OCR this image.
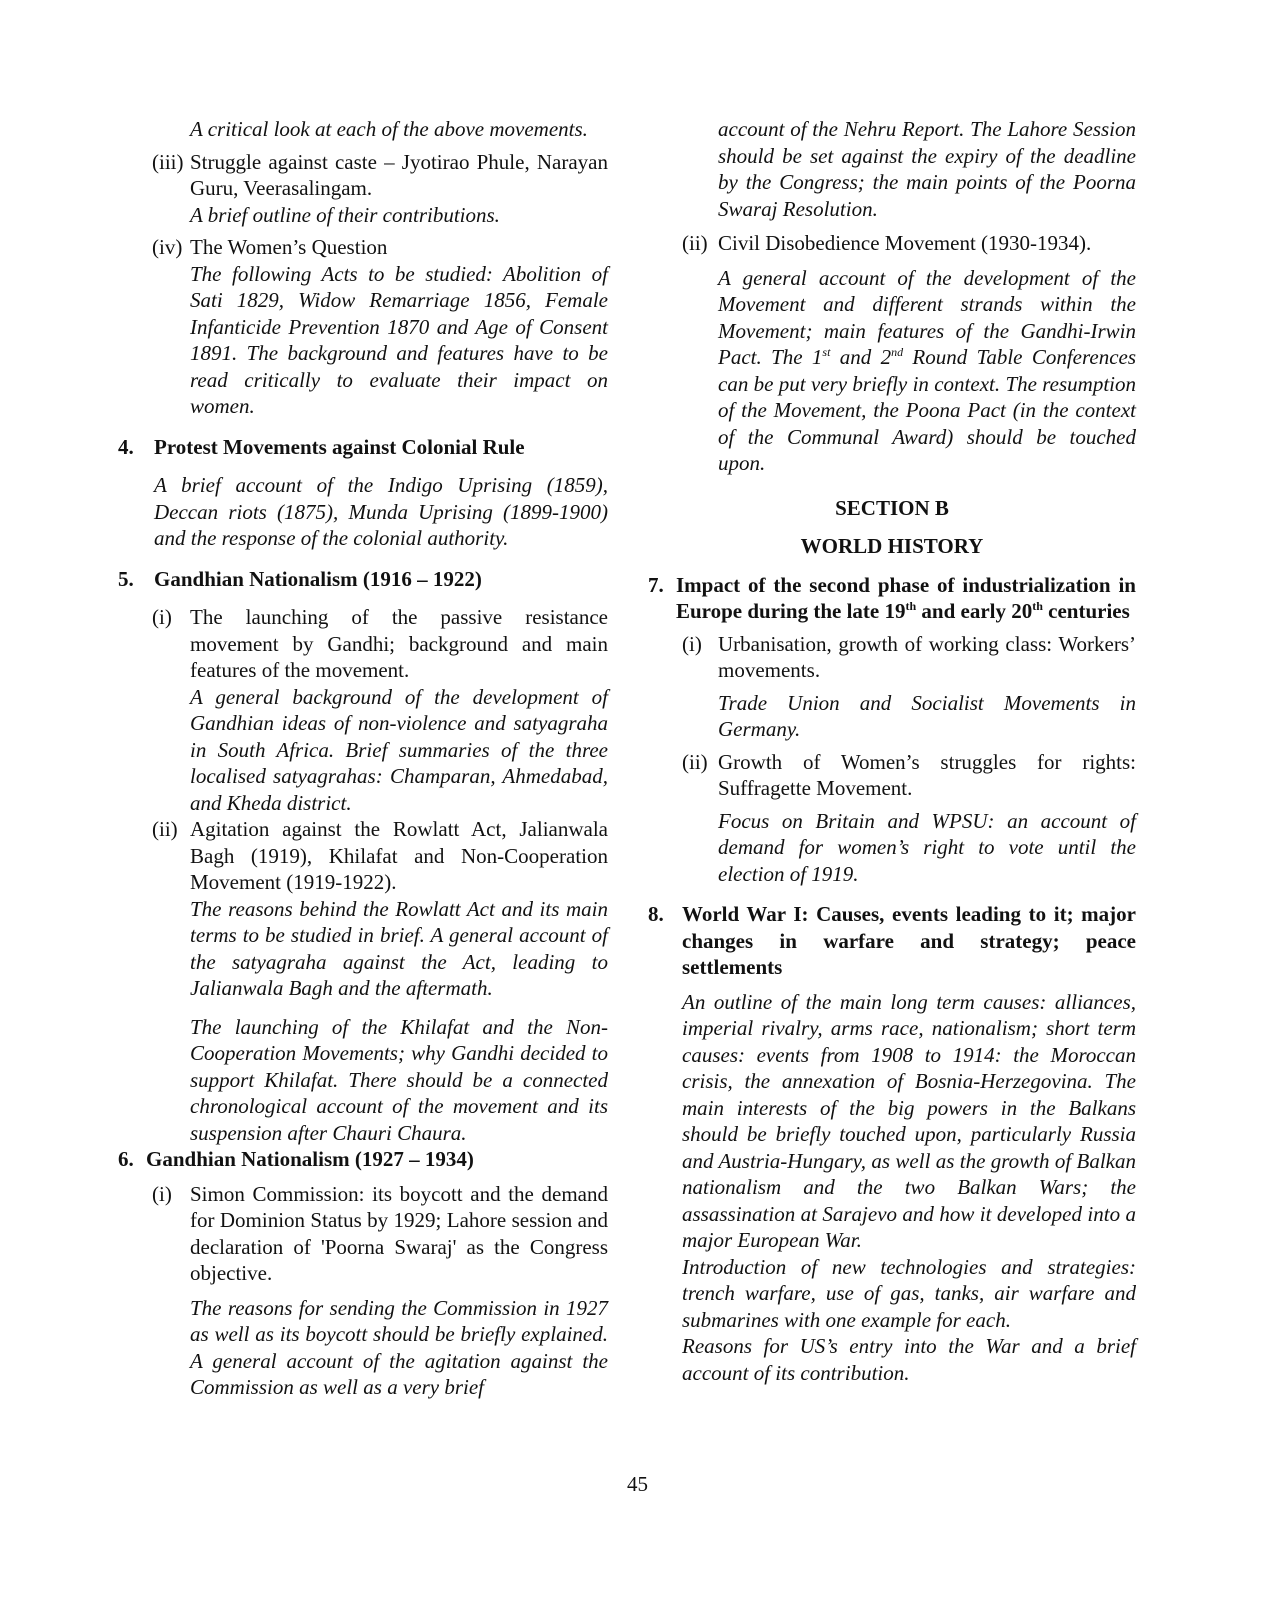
A critical look at each of the above movements.
(iii) Struggle against caste – Jyotirao Phule, Narayan Guru, Veerasalingam.
A brief outline of their contributions.
(iv) The Women’s Question
The following Acts to be studied: Abolition of Sati 1829, Widow Remarriage 1856, Female Infanticide Prevention 1870 and Age of Consent 1891. The background and features have to be read critically to evaluate their impact on women.
4. Protest Movements against Colonial Rule
A brief account of the Indigo Uprising (1859), Deccan riots (1875), Munda Uprising (1899-1900) and the response of the colonial authority.
5. Gandhian Nationalism (1916 – 1922)
(i) The launching of the passive resistance movement by Gandhi; background and main features of the movement.
A general background of the development of Gandhian ideas of non-violence and satyagraha in South Africa. Brief summaries of the three localised satyagrahas: Champaran, Ahmedabad, and Kheda district.
(ii) Agitation against the Rowlatt Act, Jalianwala Bagh (1919), Khilafat and Non-Cooperation Movement (1919-1922).
The reasons behind the Rowlatt Act and its main terms to be studied in brief. A general account of the satyagraha against the Act, leading to Jalianwala Bagh and the aftermath.
The launching of the Khilafat and the Non-Cooperation Movements; why Gandhi decided to support Khilafat. There should be a connected chronological account of the movement and its suspension after Chauri Chaura.
6. Gandhian Nationalism (1927 – 1934)
(i) Simon Commission: its boycott and the demand for Dominion Status by 1929; Lahore session and declaration of 'Poorna Swaraj' as the Congress objective.
The reasons for sending the Commission in 1927 as well as its boycott should be briefly explained. A general account of the agitation against the Commission as well as a very brief
account of the Nehru Report. The Lahore Session should be set against the expiry of the deadline by the Congress; the main points of the Poorna Swaraj Resolution.
(ii) Civil Disobedience Movement (1930-1934).
A general account of the development of the Movement and different strands within the Movement; main features of the Gandhi-Irwin Pact. The 1st and 2nd Round Table Conferences can be put very briefly in context. The resumption of the Movement, the Poona Pact (in the context of the Communal Award) should be touched upon.
SECTION B
WORLD HISTORY
7. Impact of the second phase of industrialization in Europe during the late 19th and early 20th centuries
(i) Urbanisation, growth of working class: Workers’ movements.
Trade Union and Socialist Movements in Germany.
(ii) Growth of Women’s struggles for rights: Suffragette Movement.
Focus on Britain and WPSU: an account of demand for women’s right to vote until the election of 1919.
8. World War I: Causes, events leading to it; major changes in warfare and strategy; peace settlements
An outline of the main long term causes: alliances, imperial rivalry, arms race, nationalism; short term causes: events from 1908 to 1914: the Moroccan crisis, the annexation of Bosnia-Herzegovina. The main interests of the big powers in the Balkans should be briefly touched upon, particularly Russia and Austria-Hungary, as well as the growth of Balkan nationalism and the two Balkan Wars; the assassination at Sarajevo and how it developed into a major European War.
Introduction of new technologies and strategies: trench warfare, use of gas, tanks, air warfare and submarines with one example for each.
Reasons for US’s entry into the War and a brief account of its contribution.
45
